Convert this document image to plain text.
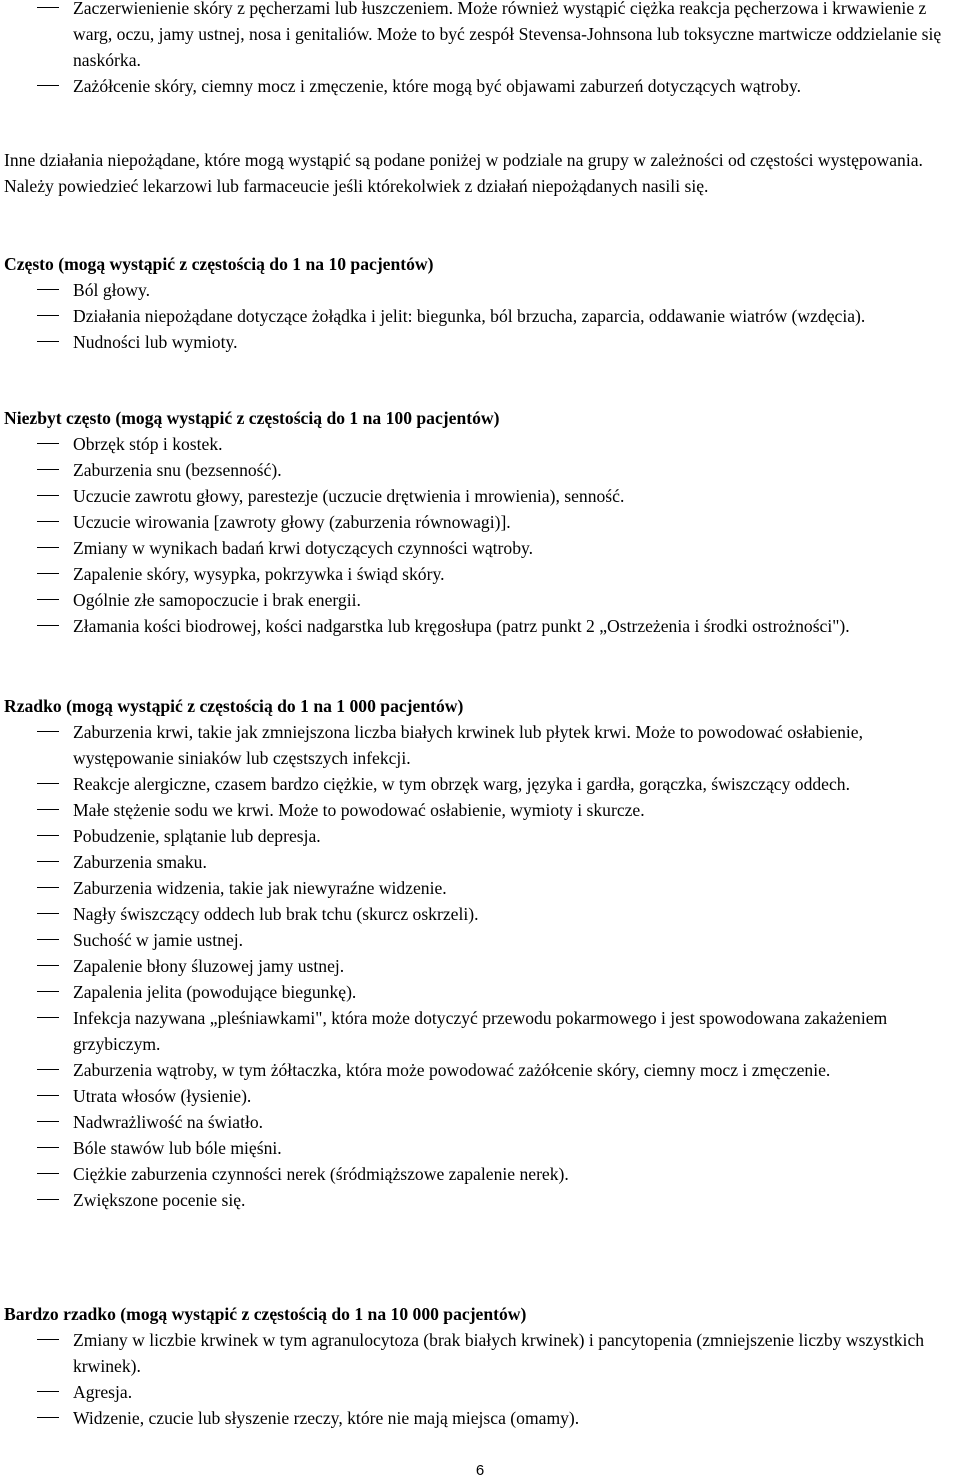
Zaczerwienienie skóry z pęcherzami lub łuszczeniem. Może również wystąpić ciężka reakcja pęcherzowa i krwawienie z warg, oczu, jamy ustnej, nosa i genitaliów. Może to być zespół Stevensa-Johnsona lub toksyczne martwicze oddzielanie się naskórka.
Zażółcenie skóry, ciemny mocz i zmęczenie, które mogą być objawami zaburzeń dotyczących wątroby.

Inne działania niepożądane, które mogą wystąpić są podane poniżej w podziale na grupy w zależności od częstości występowania. Należy powiedzieć lekarzowi lub farmaceucie jeśli którekolwiek z działań niepożądanych nasili się.

Często (mogą wystąpić z częstością do 1 na 10 pacjentów)
Ból głowy.
Działania niepożądane dotyczące żołądka i jelit: biegunka, ból brzucha, zaparcia, oddawanie wiatrów (wzdęcia).
Nudności lub wymioty.
Niezbyt często (mogą wystąpić z częstością do 1 na 100 pacjentów)
Obrzęk stóp i kostek.
Zaburzenia snu (bezsenność).
Uczucie zawrotu głowy, parestezje (uczucie drętwienia i mrowienia), senność.
Uczucie wirowania [zawroty głowy (zaburzenia równowagi)].
Zmiany w wynikach badań krwi dotyczących czynności wątroby.
Zapalenie skóry, wysypka, pokrzywka i świąd skóry.
Ogólnie złe samopoczucie i brak energii.
Złamania kości biodrowej, kości nadgarstka lub kręgosłupa (patrz punkt 2 „Ostrzeżenia i środki ostrożności").
Rzadko (mogą wystąpić z częstością do 1 na 1 000 pacjentów)
Zaburzenia krwi, takie jak zmniejszona liczba białych krwinek lub płytek krwi. Może to powodować osłabienie, występowanie siniaków lub częstszych infekcji.
Reakcje alergiczne, czasem bardzo ciężkie, w tym obrzęk warg, języka i gardła, gorączka, świszczący oddech.
Małe stężenie sodu we krwi. Może to powodować osłabienie, wymioty i skurcze.
Pobudzenie, splątanie lub depresja.
Zaburzenia smaku.
Zaburzenia widzenia, takie jak niewyraźne widzenie.
Nagły świszczący oddech lub brak tchu (skurcz oskrzeli).
Suchość w jamie ustnej.
Zapalenie błony śluzowej jamy ustnej.
Zapalenia jelita (powodujące biegunkę).
Infekcja nazywana „pleśniawkami", która może dotyczyć przewodu pokarmowego i jest spowodowana zakażeniem grzybiczym.
Zaburzenia wątroby, w tym żółtaczka, która może powodować zażółcenie skóry, ciemny mocz i zmęczenie.
Utrata włosów (łysienie).
Nadwrażliwość na światło.
Bóle stawów lub bóle mięśni.
Ciężkie zaburzenia czynności nerek (śródmiąższowe zapalenie nerek).
Zwiększone pocenie się.
Bardzo rzadko (mogą wystąpić z częstością do 1 na 10 000 pacjentów)
Zmiany w liczbie krwinek w tym agranulocytoza (brak białych krwinek) i pancytopenia (zmniejszenie liczby wszystkich krwinek).
Agresja.
Widzenie, czucie lub słyszenie rzeczy, które nie mają miejsca (omamy).
6
